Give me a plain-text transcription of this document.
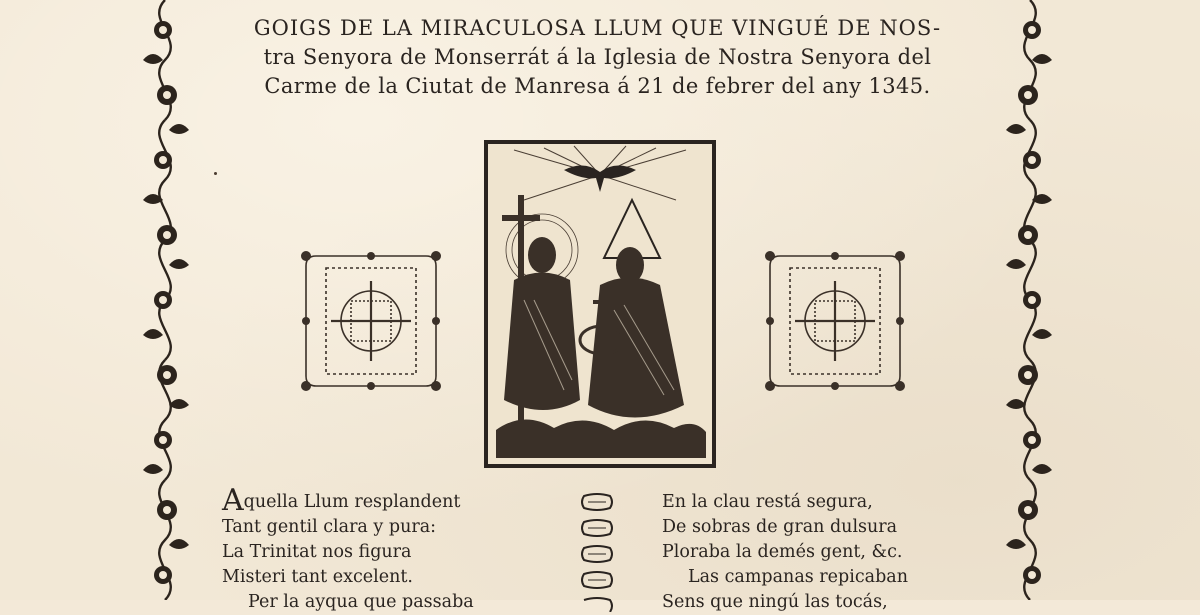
GOIGS DE LA MIRACULOSA LLUM QUE VINGUÉ DE NOS-
tra Senyora de Monserrát á la Iglesia de Nostra Senyora del
Carme de la Ciutat de Manresa á 21 de febrer del any 1345.
Aquella Llum resplandent
Tant gentil clara y pura:
La Trinitat nos figura
Misteri tant excelent.
Per la ayqua que passaba
En la clau restá segura,
De sobras de gran dulsura
Ploraba la demés gent, &c.
Las campanas repicaban
Sens que ningú las tocás,
